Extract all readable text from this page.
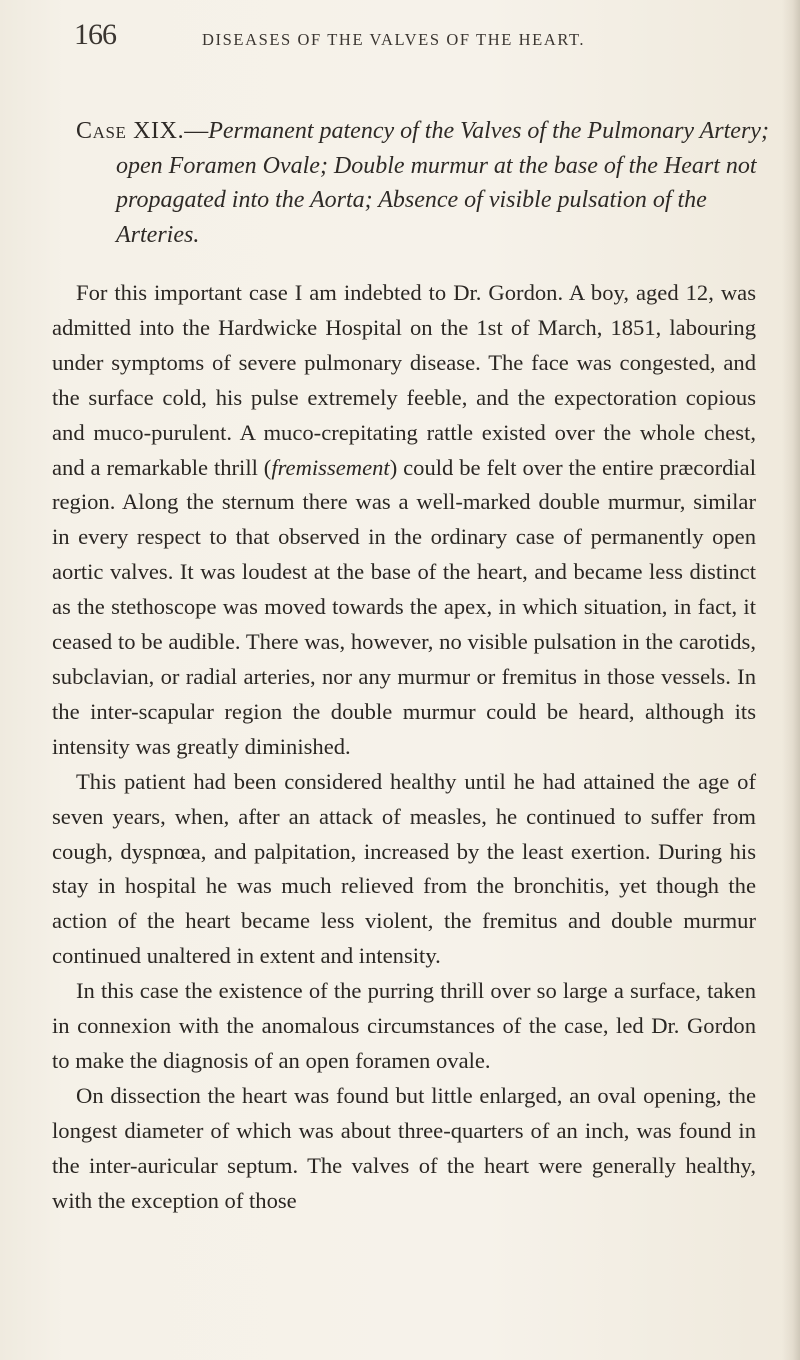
166	DISEASES OF THE VALVES OF THE HEART.
Case XIX.—Permanent patency of the Valves of the Pulmonary Artery; open Foramen Ovale; Double murmur at the base of the Heart not propagated into the Aorta; Absence of visible pulsation of the Arteries.

For this important case I am indebted to Dr. Gordon. A boy, aged 12, was admitted into the Hardwicke Hospital on the 1st of March, 1851, labouring under symptoms of severe pulmonary disease. The face was congested, and the surface cold, his pulse extremely feeble, and the expectoration copious and muco-purulent. A muco-crepitating rattle existed over the whole chest, and a remarkable thrill (fremissement) could be felt over the entire præcordial region. Along the sternum there was a well-marked double murmur, similar in every respect to that observed in the ordinary case of permanently open aortic valves. It was loudest at the base of the heart, and became less distinct as the stethoscope was moved towards the apex, in which situation, in fact, it ceased to be audible. There was, however, no visible pulsation in the carotids, subclavian, or radial arteries, nor any murmur or fremitus in those vessels. In the inter-scapular region the double murmur could be heard, although its intensity was greatly diminished.

This patient had been considered healthy until he had attained the age of seven years, when, after an attack of measles, he continued to suffer from cough, dyspnœa, and palpitation, increased by the least exertion. During his stay in hospital he was much relieved from the bronchitis, yet though the action of the heart became less violent, the fremitus and double murmur continued unaltered in extent and intensity.

In this case the existence of the purring thrill over so large a surface, taken in connexion with the anomalous circumstances of the case, led Dr. Gordon to make the diagnosis of an open foramen ovale.

On dissection the heart was found but little enlarged, an oval opening, the longest diameter of which was about three-quarters of an inch, was found in the inter-auricular septum. The valves of the heart were generally healthy, with the exception of those
